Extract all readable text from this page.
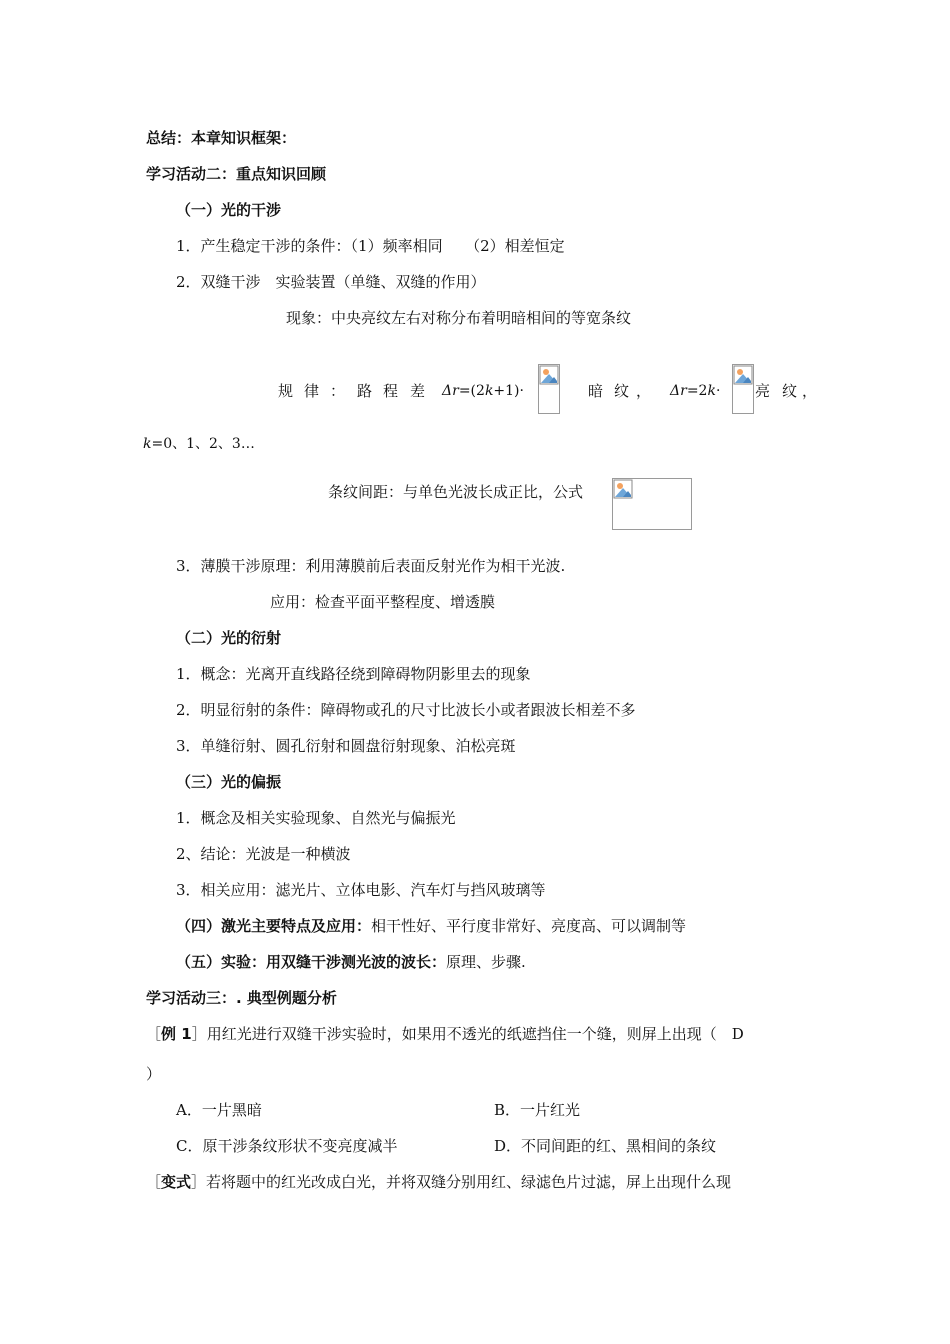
总结：本章知识框架：
学习活动二：重点知识回顾
（一）光的干涉
1．产生稳定干涉的条件：（1）频率相同　　（2）相差恒定
2．双缝干涉　实验装置（单缝、双缝的作用）
现象：中央亮纹左右对称分布着明暗相间的等宽条纹
规 律 ： 路 程 差 Δr=(2k+1)·	暗 纹 ， Δr=2k· 亮 纹 ，
k=0、1、2、3…
条纹间距：与单色光波长成正比，公式
3．薄膜干涉原理：利用薄膜前后表面反射光作为相干光波.
应用：检查平面平整程度、增透膜
（二）光的衍射
1．概念：光离开直线路径绕到障碍物阴影里去的现象
2．明显衍射的条件：障碍物或孔的尺寸比波长小或者跟波长相差不多
3．单缝衍射、圆孔衍射和圆盘衍射现象、泊松亮斑
（三）光的偏振
1．概念及相关实验现象、自然光与偏振光
2、结论：光波是一种横波
3．相关应用：滤光片、立体电影、汽车灯与挡风玻璃等
（四）激光主要特点及应用：相干性好、平行度非常好、亮度高、可以调制等
（五）实验：用双缝干涉测光波的波长：原理、步骤.
学习活动三：. 典型例题分析
［例 1］用红光进行双缝干涉实验时，如果用不透光的纸遮挡住一个缝，则屏上出现（　D
）
A．一片黑暗	B．一片红光
C．原干涉条纹形状不变亮度减半	D．不同间距的红、黑相间的条纹
［变式］若将题中的红光改成白光，并将双缝分别用红、绿滤色片过滤，屏上出现什么现
